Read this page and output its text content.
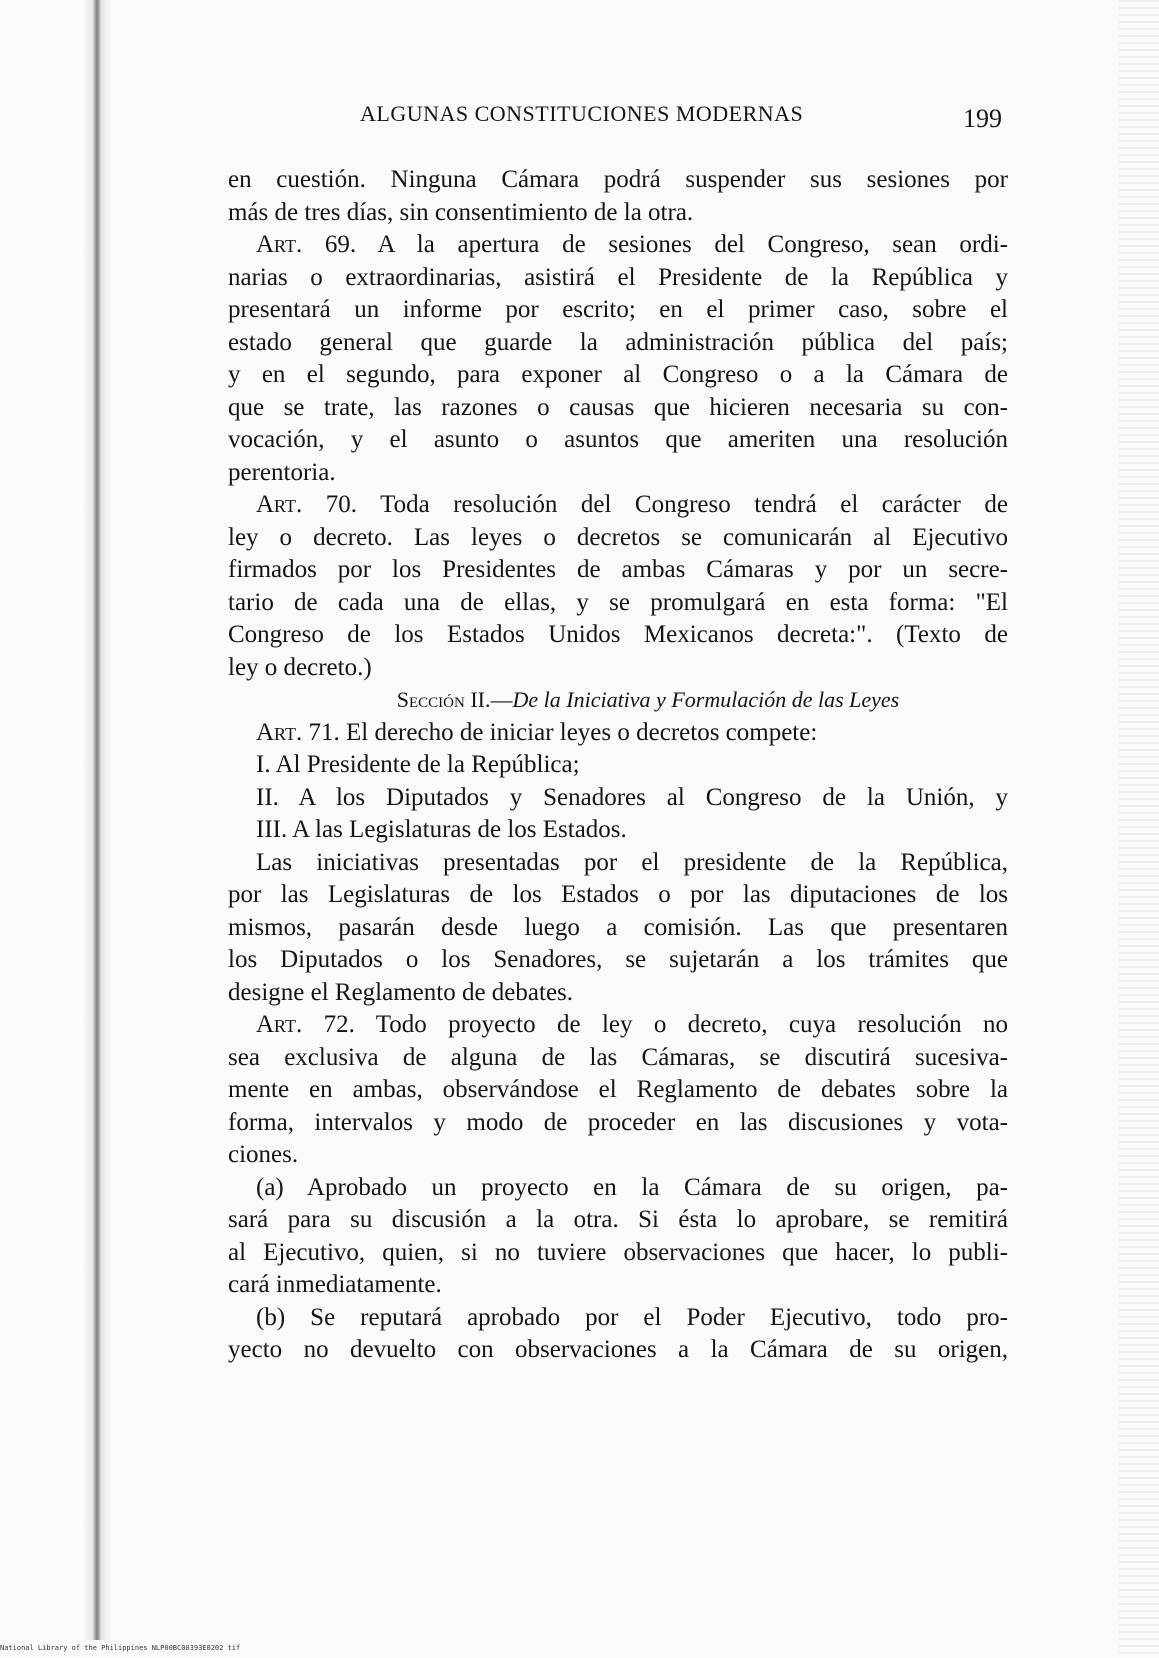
ALGUNAS CONSTITUCIONES MODERNAS	199
en cuestión. Ninguna Cámara podrá suspender sus sesiones por
más de tres días, sin consentimiento de la otra.
Art. 69. A la apertura de sesiones del Congreso, sean ordi-
narias o extraordinarias, asistirá el Presidente de la República y
presentará un informe por escrito; en el primer caso, sobre el
estado general que guarde la administración pública del país;
y en el segundo, para exponer al Congreso o a la Cámara de
que se trate, las razones o causas que hicieren necesaria su con-
vocación, y el asunto o asuntos que ameriten una resolución
perentoria.
Art. 70. Toda resolución del Congreso tendrá el carácter de
ley o decreto. Las leyes o decretos se comunicarán al Ejecutivo
firmados por los Presidentes de ambas Cámaras y por un secre-
tario de cada una de ellas, y se promulgará en esta forma: "El
Congreso de los Estados Unidos Mexicanos decreta:". (Texto de
ley o decreto.)
Sección II.—De la Iniciativa y Formulación de las Leyes
Art. 71. El derecho de iniciar leyes o decretos compete:
I. Al Presidente de la República;
II. A los Diputados y Senadores al Congreso de la Unión, y
III. A las Legislaturas de los Estados.
Las iniciativas presentadas por el presidente de la República,
por las Legislaturas de los Estados o por las diputaciones de los
mismos, pasarán desde luego a comisión. Las que presentaren
los Diputados o los Senadores, se sujetarán a los trámites que
designe el Reglamento de debates.
Art. 72. Todo proyecto de ley o decreto, cuya resolución no
sea exclusiva de alguna de las Cámaras, se discutirá sucesiva-
mente en ambas, observándose el Reglamento de debates sobre la
forma, intervalos y modo de proceder en las discusiones y vota-
ciones.
(a) Aprobado un proyecto en la Cámara de su origen, pa-
sará para su discusión a la otra. Si ésta lo aprobare, se remitirá
al Ejecutivo, quien, si no tuviere observaciones que hacer, lo publi-
cará inmediatamente.
(b) Se reputará aprobado por el Poder Ejecutivo, todo pro-
yecto no devuelto con observaciones a la Cámara de su origen,
National Library of the Philippines NLP00BC00393E0202 tif
